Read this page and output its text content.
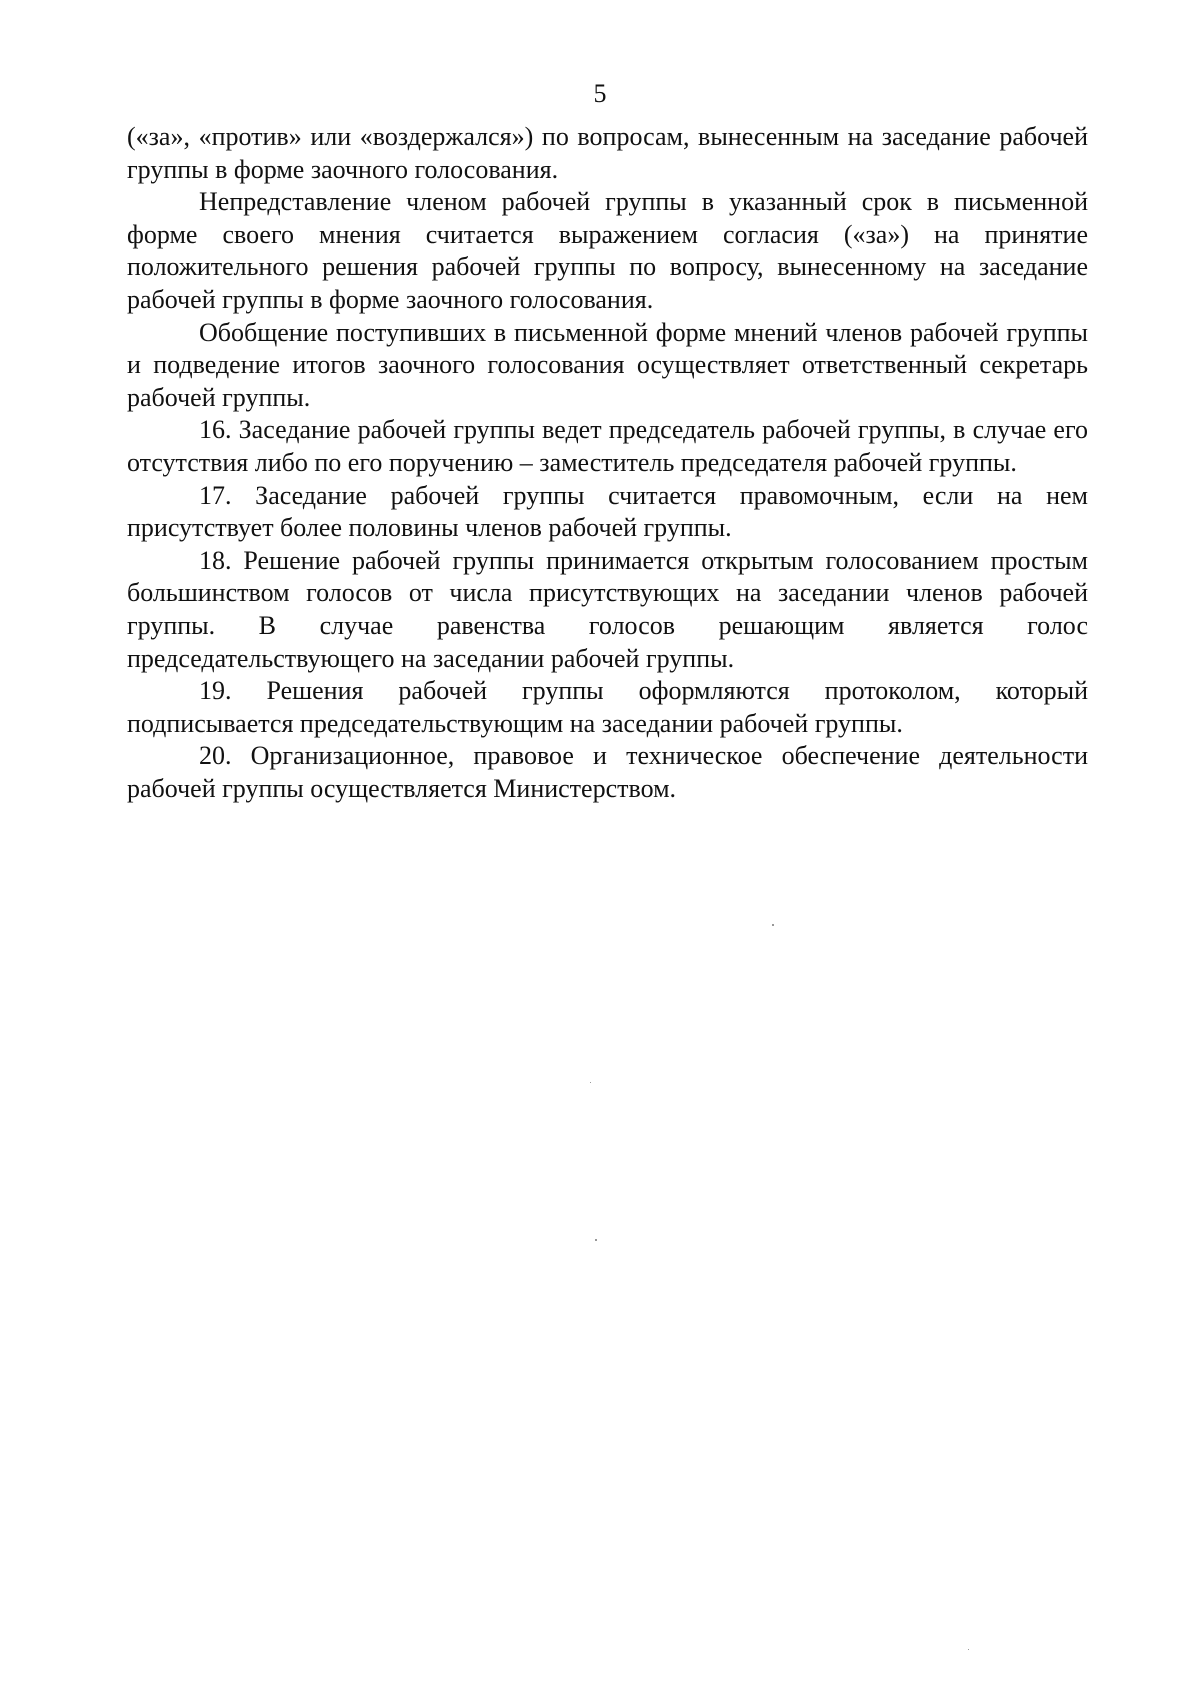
5

(«за», «против» или «воздержался») по вопросам, вынесенным на заседание рабочей группы в форме заочного голосования.

Непредставление членом рабочей группы в указанный срок в письменной форме своего мнения считается выражением согласия («за») на принятие положительного решения рабочей группы по вопросу, вынесенному на заседание рабочей группы в форме заочного голосования.

Обобщение поступивших в письменной форме мнений членов рабочей группы и подведение итогов заочного голосования осуществляет ответственный секретарь рабочей группы.

16. Заседание рабочей группы ведет председатель рабочей группы, в случае его отсутствия либо по его поручению – заместитель председателя рабочей группы.

17. Заседание рабочей группы считается правомочным, если на нем присутствует более половины членов рабочей группы.

18. Решение рабочей группы принимается открытым голосованием простым большинством голосов от числа присутствующих на заседании членов рабочей группы. В случае равенства голосов решающим является голос председательствующего на заседании рабочей группы.

19. Решения рабочей группы оформляются протоколом, который подписывается председательствующим на заседании рабочей группы.

20. Организационное, правовое и техническое обеспечение деятельности рабочей группы осуществляется Министерством.
